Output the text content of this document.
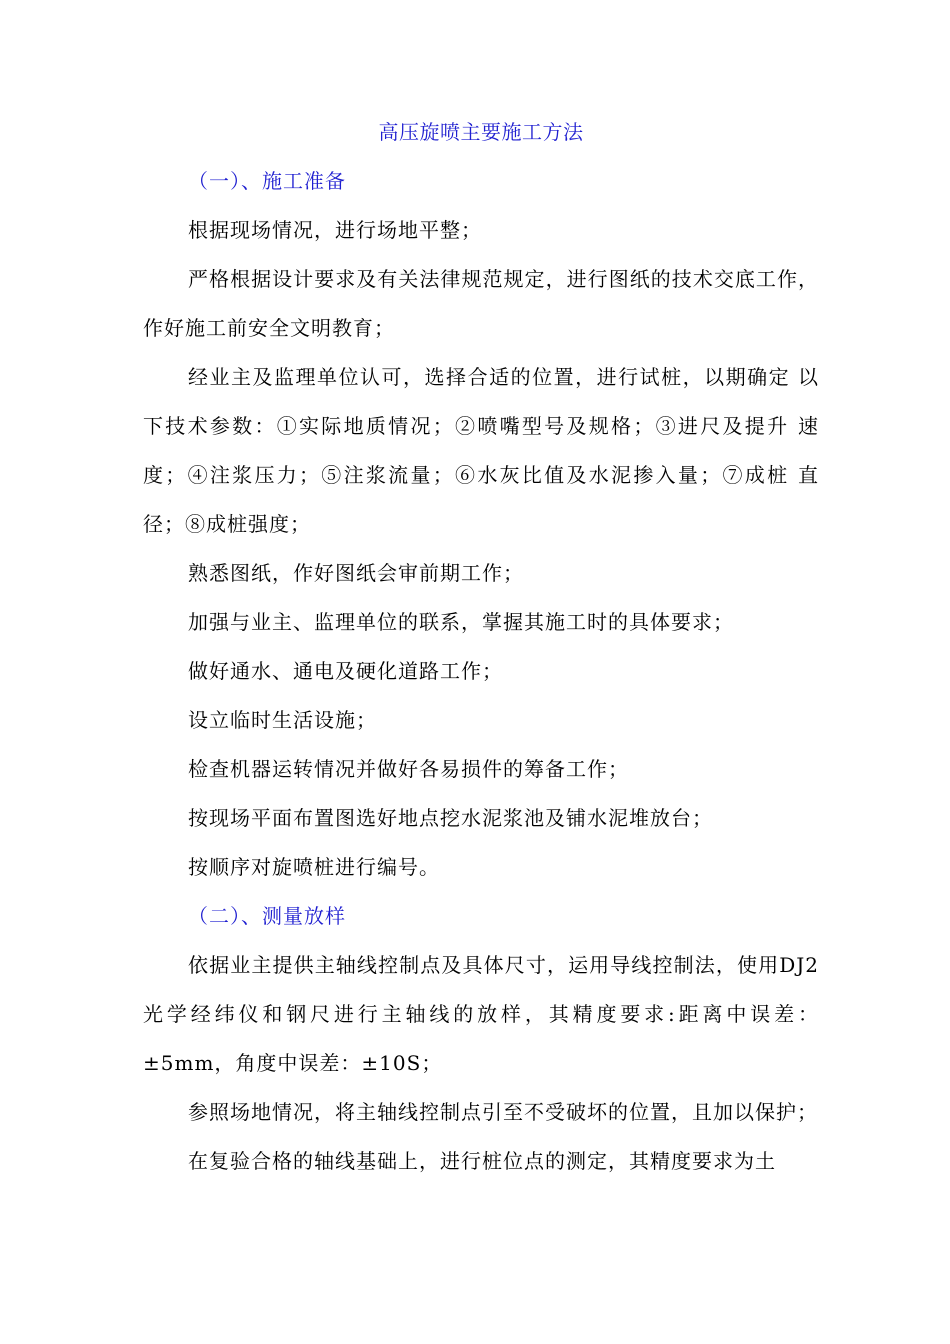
高压旋喷主要施工方法

（一）、施工准备

根据现场情况，进行场地平整；

严格根据设计要求及有关法律规范规定，进行图纸的技术交底工作， 作好施工前安全文明教育；

经业主及监理单位认可，选择合适的位置，进行试桩，以期确定 以下技术参数：①实际地质情况；②喷嘴型号及规格；③进尺及提升 速度；④注浆压力；⑤注浆流量；⑥水灰比值及水泥掺入量；⑦成桩 直径；⑧成桩强度；

熟悉图纸，作好图纸会审前期工作；

加强与业主、监理单位的联系，掌握其施工时的具体要求；

做好通水、通电及硬化道路工作；

设立临时生活设施；

检查机器运转情况并做好各易损件的筹备工作；

按现场平面布置图选好地点挖水泥浆池及铺水泥堆放台；

按顺序对旋喷桩进行编号。

（二）、测量放样

依据业主提供主轴线控制点及具体尺寸，运用导线控制法，使用DJ2光学经纬仪和钢尺进行主轴线的放样，其精度要求:距离中误差：±5mm，角度中误差：±10S；

参照场地情况，将主轴线控制点引至不受破坏的位置，且加以保护；

在复验合格的轴线基础上，进行桩位点的测定，其精度要求为土
